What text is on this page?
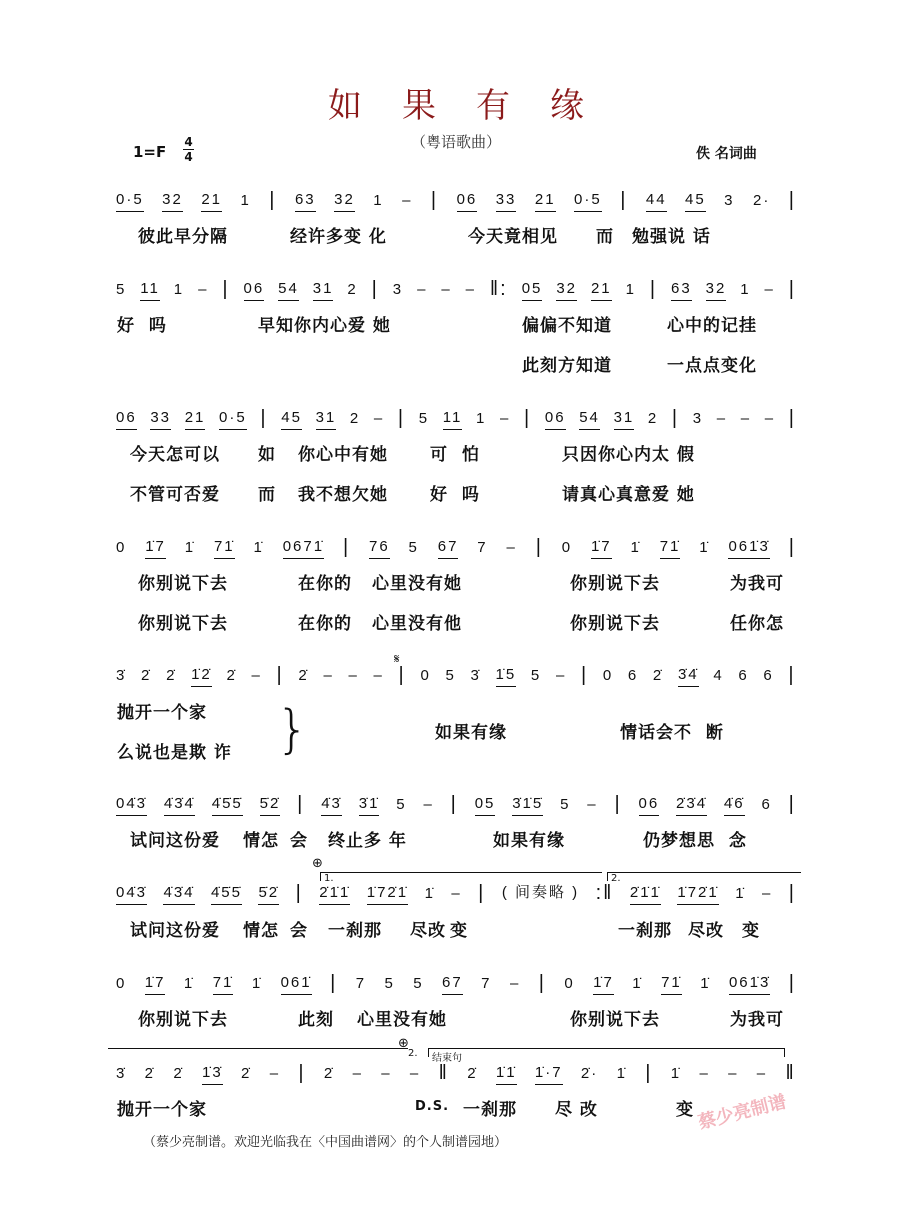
如果有缘
（粤语歌曲）
1=F
4
4	佚 名词曲
0·5 32 21 1 | 63 32 1 – | 06 33 21 0·5 | 44 45 3 2· |
彼此早分隔	经许多变 化	今天竟相见 而 勉强说 话
5 11 1 – | 06 54 31 2 | 3 – – – ‖: 05 32 21 1 | 63 32 1 – |
好  吗	早知你内心爱 她	偏偏不知道	心中的记挂
此刻方知道	一点点变化
06 33 21 0·5 | 45 31 2 – | 5 11 1 – | 06 54 31 2 | 3 – – – |
今天怎可以 如 你心中有她 可  怕	只因你心内太 假
不管可否爱 而 我不想欠她 好  吗	请真心真意爱 她
0 1̇7 1̇ 71̇ 1̇ 0671̇ | 76 5 67 7 – | 0 1̇7 1̇ 71̇ 1̇ 061̇3̇ |
你别说下去	在你的 心里没有她	你别说下去	为我可
你别说下去	在你的 心里没有他	你别说下去	任你怎
3̇ 2̇ 2̇ 1̇2̇ 2̇ – | 2̇ – – – | 0 5 3̇ 1̇5 5 – | 0 6 2̇ 3̇4̇ 4 6 6 |
抛开一个家
如果有缘	情话会不  断
么说也是欺 诈
04̇3̇ 4̇3̇4̇ 4̇5̇5̇ 5̇2̇ | 4̇3̇ 3̇1̇ 5 – | 05 3̇1̇5̇ 5 – | 06 2̇3̇4̇ 4̇6̇ 6 |
试问这份爱 情怎 会 终止多 年	如果有缘	仍梦想思  念
04̇3̇ 4̇3̇4̇ 4̇5̇5̇ 5̇2̇ | 2̇1̇1̇ 1̇72̇1̇ 1̇ – | ( 间奏略 ) :‖ 2̇1̇1̇ 1̇72̇1̇ 1̇ – |
试问这份爱 情怎 会 一刹那 尽改 变	一刹那 尽改 变
0 1̇7 1̇ 71̇ 1̇ 061̇ | 7 5 5 67 7 – | 0 1̇7 1̇ 71̇ 1̇ 061̇3̇ |
你别说下去	此刻 心里没有她	你别说下去	为我可
3̇ 2̇ 2̇ 1̇3̇ 2̇ – | 2̇ – – – ‖ 2̇ 1̇1̇ 1̇·7 2̇· 1̇ | 1̇ – – – ‖
抛开一个家	D.S. 一刹那 尽 改	变
}
𝄋
⊕
⊕
1.	2.
2.	结束句
（蔡少亮制谱。欢迎光临我在〈中国曲谱网〉的个人制谱园地）
蔡少亮制谱
